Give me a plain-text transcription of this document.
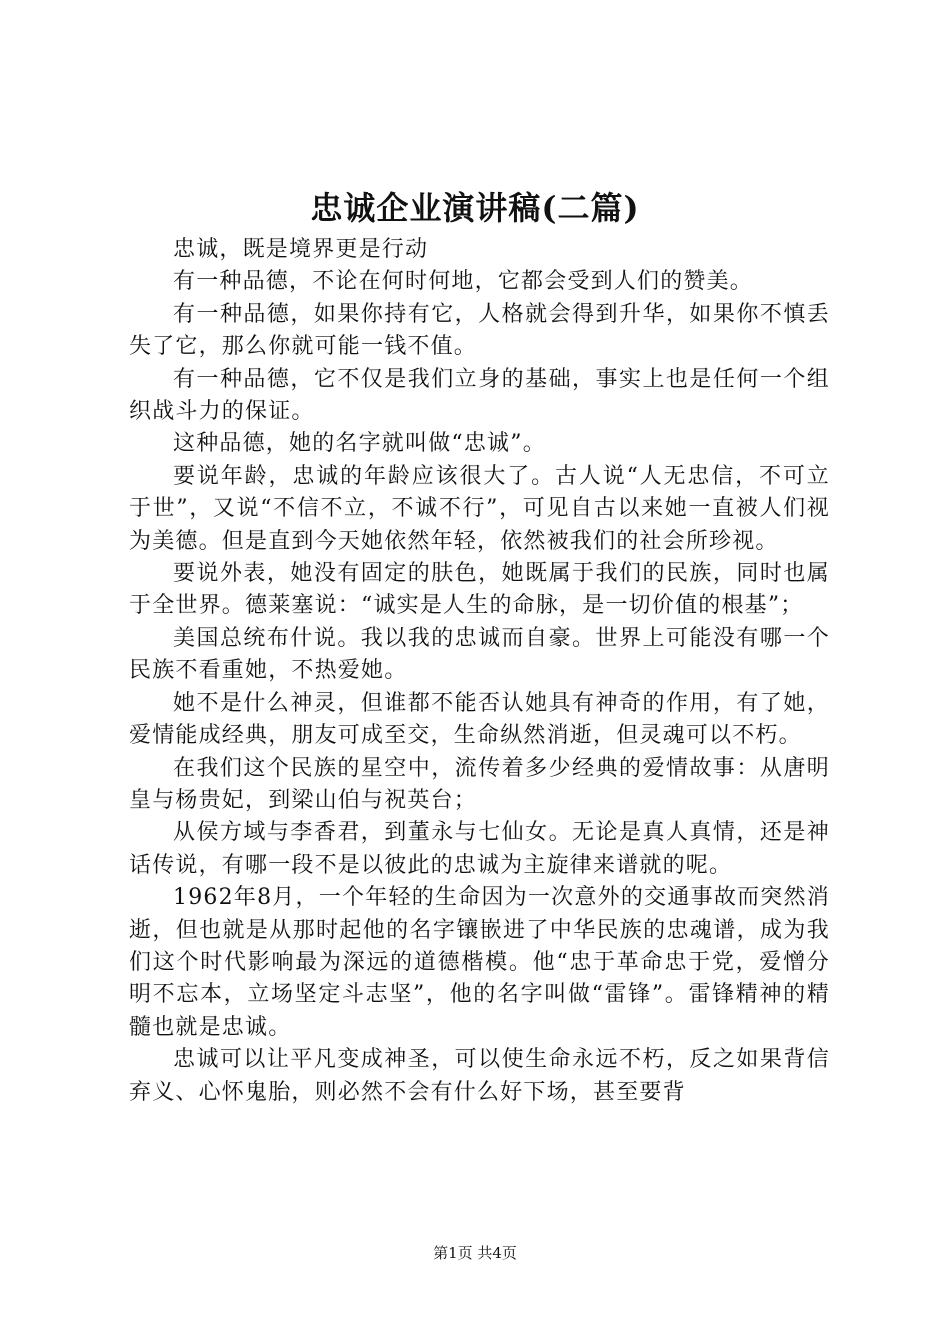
忠诚企业演讲稿(二篇)

忠诚，既是境界更是行动

有一种品德，不论在何时何地，它都会受到人们的赞美。

有一种品德，如果你持有它，人格就会得到升华，如果你不慎丢失了它，那么你就可能一钱不值。

有一种品德，它不仅是我们立身的基础，事实上也是任何一个组织战斗力的保证。

这种品德，她的名字就叫做“忠诚”。

要说年龄，忠诚的年龄应该很大了。古人说“人无忠信，不可立于世”，又说“不信不立，不诚不行”，可见自古以来她一直被人们视为美德。但是直到今天她依然年轻，依然被我们的社会所珍视。

要说外表，她没有固定的肤色，她既属于我们的民族，同时也属于全世界。德莱塞说：“诚实是人生的命脉，是一切价值的根基”；

美国总统布什说。我以我的忠诚而自豪。世界上可能没有哪一个民族不看重她，不热爱她。

她不是什么神灵，但谁都不能否认她具有神奇的作用，有了她，爱情能成经典，朋友可成至交，生命纵然消逝，但灵魂可以不朽。

在我们这个民族的星空中，流传着多少经典的爱情故事：从唐明皇与杨贵妃，到梁山伯与祝英台；

从侯方域与李香君，到董永与七仙女。无论是真人真情，还是神话传说，有哪一段不是以彼此的忠诚为主旋律来谱就的呢。

1962年8月，一个年轻的生命因为一次意外的交通事故而突然消逝，但也就是从那时起他的名字镶嵌进了中华民族的忠魂谱，成为我们这个时代影响最为深远的道德楷模。他“忠于革命忠于党，爱憎分明不忘本，立场坚定斗志坚”，他的名字叫做“雷锋”。雷锋精神的精髓也就是忠诚。

忠诚可以让平凡变成神圣，可以使生命永远不朽，反之如果背信弃义、心怀鬼胎，则必然不会有什么好下场，甚至要背

第1页 共4页
